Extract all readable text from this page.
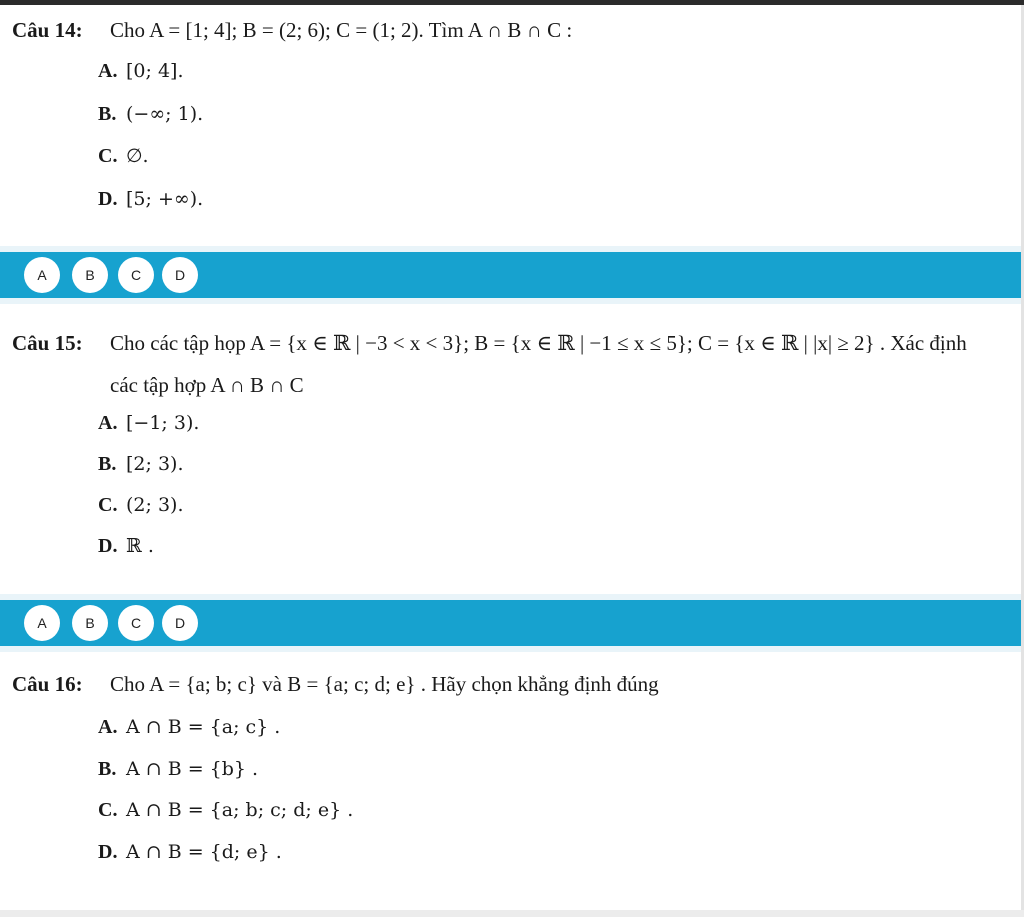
Câu 14: Cho A = [1; 4]; B = (2; 6); C = (1; 2). Tìm A ∩ B ∩ C :
A. [0; 4].
B. (−∞; 1).
C. ∅.
D. [5; +∞).
A	B	C	D
Câu 15: Cho các tập họp A = {x ∈ ℝ | −3 < x < 3}; B = {x ∈ ℝ | −1 ≤ x ≤ 5}; C = {x ∈ ℝ | |x| ≥ 2} . Xác định
các tập hợp A ∩ B ∩ C
A. [−1; 3).
B. [2; 3).
C. (2; 3).
D. ℝ .
A	B	C	D
Câu 16: Cho A = {a; b; c} và B = {a; c; d; e} . Hãy chọn khẳng định đúng
A. A ∩ B = {a; c} .
B. A ∩ B = {b} .
C. A ∩ B = {a; b; c; d; e} .
D. A ∩ B = {d; e} .
